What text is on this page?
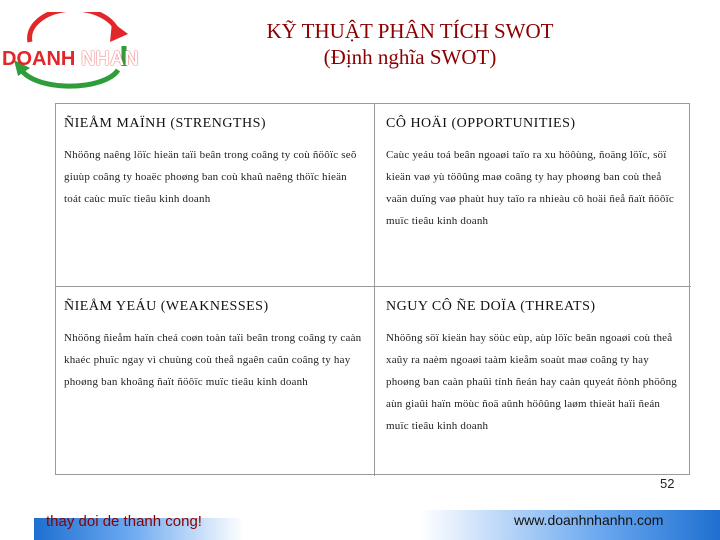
DOANH NHAN
KỸ THUẬT PHÂN TÍCH SWOT
(Định nghĩa SWOT)
ÑIEÅM MAÏNH (STRENGTHS)
Nhöõng naêng löïc hieän taïi beân trong coâng ty coù ñöôïc seõ giuùp coâng ty hoaëc phoøng ban coù khaû naêng thöïc hieän toát caùc muïc tieâu kinh doanh
CÔ HOÄI (OPPORTUNITIES)
Caùc yeáu toá beân ngoaøi taïo ra xu höôùng, ñoäng löïc, söï kieän vaø yù töôûng maø coâng ty hay phoøng ban coù theå vaän duïng vaø phaùt huy taïo ra nhieàu cô hoäi ñeå ñaït ñöôïc muïc tieâu kinh doanh
ÑIEÅM YEÁU (WEAKNESSES)
Nhöõng ñieåm haïn cheá coøn toàn taïi beân trong coâng ty caàn khaéc phuïc ngay vì chuùng coù theå ngaên caûn coâng ty hay phoøng ban khoâng ñaït ñöôïc muïc tieâu kinh doanh
NGUY CÔ ÑE DOÏA (THREATS)
Nhöõng söï kieän hay söùc eùp, aùp löïc beân ngoaøi coù theå xaûy ra naèm ngoaøi taàm kieåm soaùt maø coâng ty hay phoøng ban caàn phaûi tính ñeán hay caàn quyeát ñònh phöông aùn giaûi haïn möùc ñoä aûnh höôûng laøm thieät haïi ñeán muïc tieâu kinh doanh
52
thay doi de thanh cong!	www.doanhnhanhn.com
